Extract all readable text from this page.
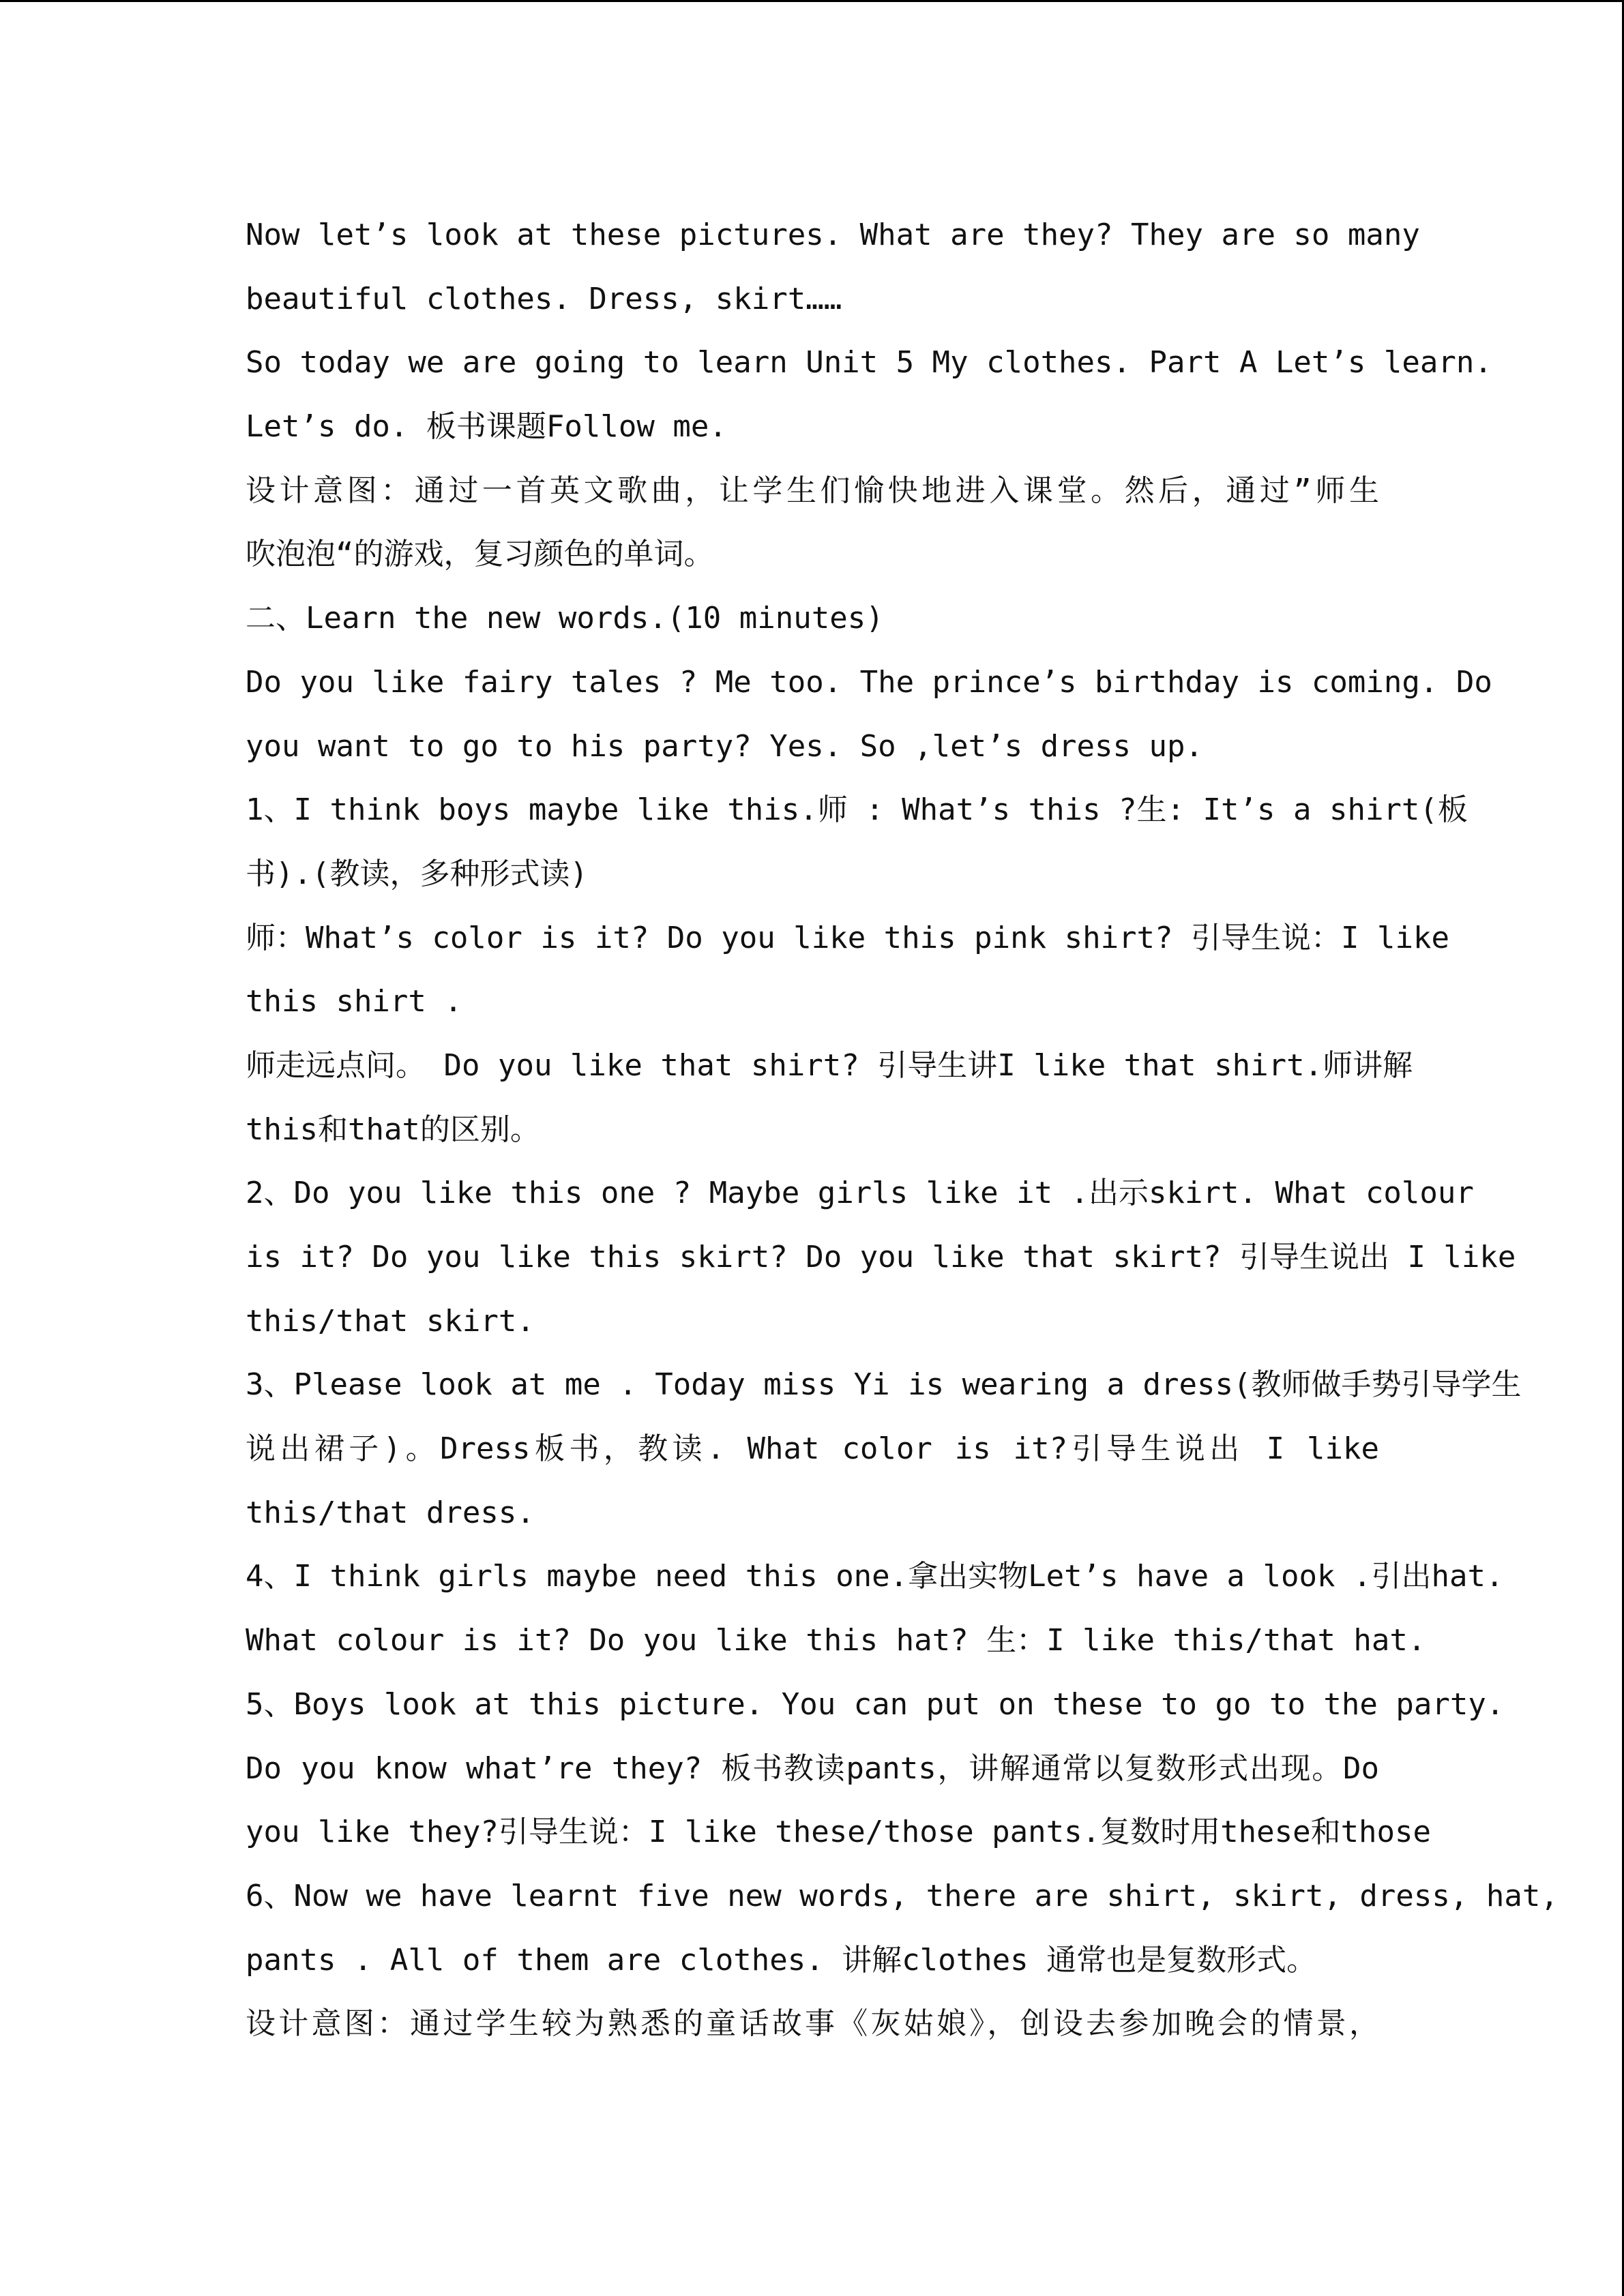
Now let’s look at these pictures. What are they? They are so many
beautiful clothes. Dress, skirt……
So today we are going to learn Unit 5 My clothes. Part A Let’s learn.
Let’s do. 板书课题Follow me.
设计意图：通过一首英文歌曲，让学生们愉快地进入课堂。然后，通过”师生
吹泡泡“的游戏，复习颜色的单词。
二、Learn the new words.(10 minutes)
Do you like fairy tales ? Me too. The prince’s birthday is coming. Do
you want to go to his party? Yes. So ,let’s dress up.
1、I think boys maybe like this.师 : What’s this ?生: It’s a shirt(板
书).(教读，多种形式读)
师：What’s color is it? Do you like this pink shirt? 引导生说：I like
this shirt .
师走远点问。 Do you like that shirt? 引导生讲I like that shirt.师讲解
this和that的区别。
2、Do you like this one ? Maybe girls like it .出示skirt. What colour
is it? Do you like this skirt? Do you like that skirt? 引导生说出 I like
this/that skirt.
3、Please look at me . Today miss Yi is wearing a dress(教师做手势引导学生
说出裙子)。Dress板书，教读. What color is it?引导生说出 I like
this/that dress.
4、I think girls maybe need this one.拿出实物Let’s have a look .引出hat.
What colour is it? Do you like this hat? 生：I like this/that hat.
5、Boys look at this picture. You can put on these to go to the party.
Do you know what’re they? 板书教读pants，讲解通常以复数形式出现。Do
you like they?引导生说：I like these/those pants.复数时用these和those
6、Now we have learnt five new words, there are shirt, skirt, dress, hat,
pants . All of them are clothes. 讲解clothes 通常也是复数形式。
设计意图：通过学生较为熟悉的童话故事《灰姑娘》，创设去参加晚会的情景，
